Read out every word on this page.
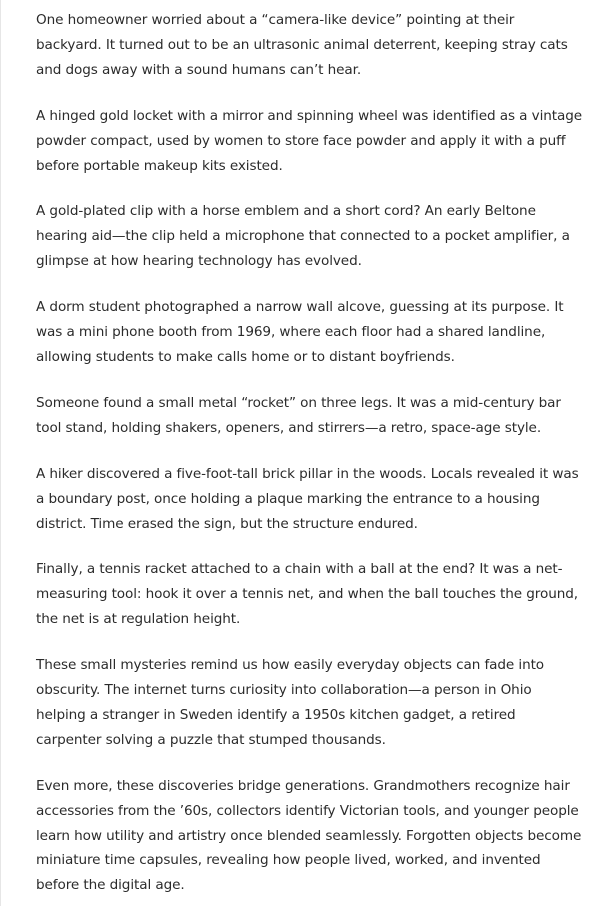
One homeowner worried about a “camera-like device” pointing at their backyard. It turned out to be an ultrasonic animal deterrent, keeping stray cats and dogs away with a sound humans can’t hear.

A hinged gold locket with a mirror and spinning wheel was identified as a vintage powder compact, used by women to store face powder and apply it with a puff before portable makeup kits existed.

A gold-plated clip with a horse emblem and a short cord? An early Beltone hearing aid—the clip held a microphone that connected to a pocket amplifier, a glimpse at how hearing technology has evolved.

A dorm student photographed a narrow wall alcove, guessing at its purpose. It was a mini phone booth from 1969, where each floor had a shared landline, allowing students to make calls home or to distant boyfriends.

Someone found a small metal “rocket” on three legs. It was a mid-century bar tool stand, holding shakers, openers, and stirrers—a retro, space-age style.

A hiker discovered a five-foot-tall brick pillar in the woods. Locals revealed it was a boundary post, once holding a plaque marking the entrance to a housing district. Time erased the sign, but the structure endured.

Finally, a tennis racket attached to a chain with a ball at the end? It was a net-measuring tool: hook it over a tennis net, and when the ball touches the ground, the net is at regulation height.

These small mysteries remind us how easily everyday objects can fade into obscurity. The internet turns curiosity into collaboration—a person in Ohio helping a stranger in Sweden identify a 1950s kitchen gadget, a retired carpenter solving a puzzle that stumped thousands.

Even more, these discoveries bridge generations. Grandmothers recognize hair accessories from the ’60s, collectors identify Victorian tools, and younger people learn how utility and artistry once blended seamlessly. Forgotten objects become miniature time capsules, revealing how people lived, worked, and invented before the digital age.
